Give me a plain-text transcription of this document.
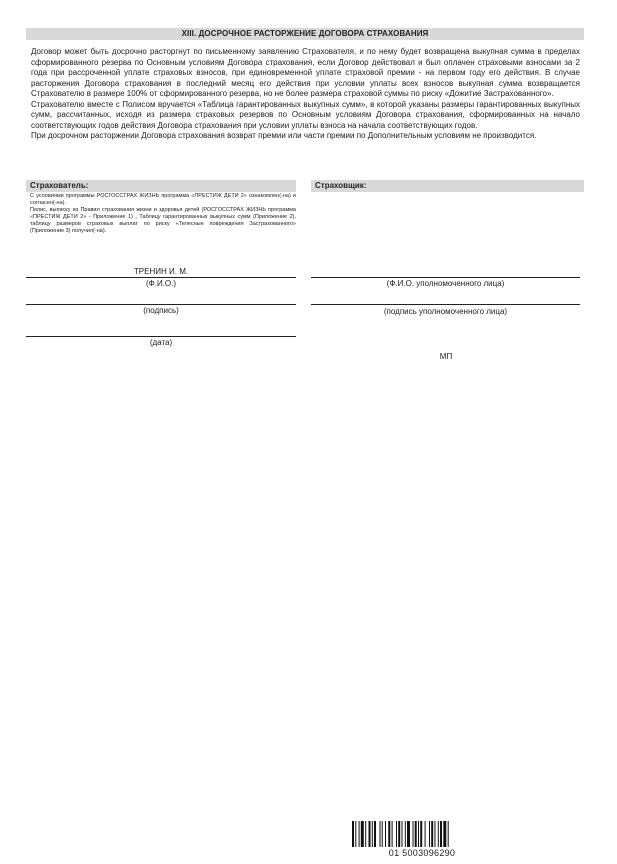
XIII. ДОСРОЧНОЕ РАСТОРЖЕНИЕ ДОГОВОРА СТРАХОВАНИЯ

Договор может быть досрочно расторгнут по письменному заявлению Страхователя, и по нему будет возвращена выкупная сумма в пределах сформированного резерва по Основным условиям Договора страхования, если Договор действовал и был оплачен страховыми взносами за 2 года при рассроченной уплате страховых взносов, при единовременной уплате страховой премии - на первом году его действия. В случае расторжения Договора страхования в последний месяц его действия при условии уплаты всех взносов выкупная сумма возвращается Страхователю в размере 100% от сформированного резерва, но не более размера страховой суммы по риску «Дожитие Застрахованного».

Страхователю вместе с Полисом вручается «Таблица гарантированных выкупных сумм», в которой указаны размеры гарантированных выкупных сумм, рассчитанных, исходя из размера страховых резервов по Основным условиям Договора страхования, сформированных на начало соответствующих годов действия Договора страхования при условии уплаты взноса на начала соответствующих годов.

При досрочном расторжении Договора страхования возврат премии или части премии по Дополнительным условиям не производится.

Страхователь:	Страховщик:

С условиями программы РОСГОССТРАХ ЖИЗНЬ программа «ПРЕСТИЖ ДЕТИ 2» ознакомлен(-на) и согласен(-на).

Полис, выписку из Правил страхования жизни и здоровья детей (РОСГОССТРАХ ЖИЗНЬ программа «ПРЕСТИЖ ДЕТИ 2» - Приложение 1) , Таблицу гарантированных выкупных сумм (Приложение 2), таблицу размеров страховых выплат по риску «Телесные повреждения Застрахованного» (Приложение 3) получил(-на).

ТРЕНИН И. М.
(Ф.И.О.)
(подпись)
(дата)
(Ф.И.О. уполномоченного лица)
(подпись уполномоченного лица)
МП
01 5003096290
